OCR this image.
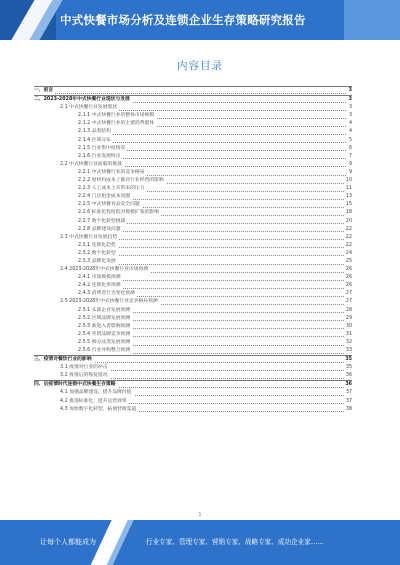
中式快餐市场分析及连锁企业生存策略研究报告
内容目录
一、前言	3
二、2023-2028年中式快餐行业现状与发展	3
2.1 中式快餐行业发展现状	3
2.1.1 中式快餐行业的整体市场规模	3
2.1.2 中式快餐行业的主要消费群体	4
2.1.3 品类结构	4
2.1.4 区域分布	5
2.1.5 行业集中度情况	6
2.1.6 行业发展特点	7
2.2 中式快餐行业面临的挑战	9
2.2.1 中式快餐行业的竞争格局	9
2.2.2 原材料成本上涨对行业经营的影响	10
2.2.3 人工成本上升带来的压力	11
2.2.4 门店租金成本问题	13
2.2.5 中式快餐食品安全问题	15
2.2.6 标准化程度低对规模扩张的影响	18
2.2.7 数字化转型挑战	20
2.2.8 品牌建设问题	22
2.3 中式快餐行业发展趋势	22
2.3.1 连锁化趋势	22
2.3.2 数字化转型	24
2.3.3 品牌化发展	25
2.4 2023-2028年中式快餐行业市场预测	26
2.4.1 市场规模预测	26
2.4.2 连锁化率预测	26
2.4.3 消费者行为变化预测	27
2.5 2023-2028年中式快餐行业竞争格局预测	27
2.5.1 头部企业发展预测	28
2.5.2 区域品牌发展预测	29
2.5.3 新进入者影响预测	30
2.5.4 外资品牌竞争预测	31
2.5.5 细分品类发展预测	32
2.5.6 行业并购整合预测	33
三、疫情对餐饮行业的影响	35
3.1 疫情对行业的冲击	35
3.2 疫情后的恢复情况	36
四、后疫情时代连锁中式快餐生存策略	36
4.1 加强品牌建设，提升品牌价值	37
4.2 推进标准化，提升运营效率	37
4.3 加快数字化转型，拓展营收渠道	38
1
让每个人都能成为	行业专家、管理专家、营销专家、战略专家、成功企业家……
